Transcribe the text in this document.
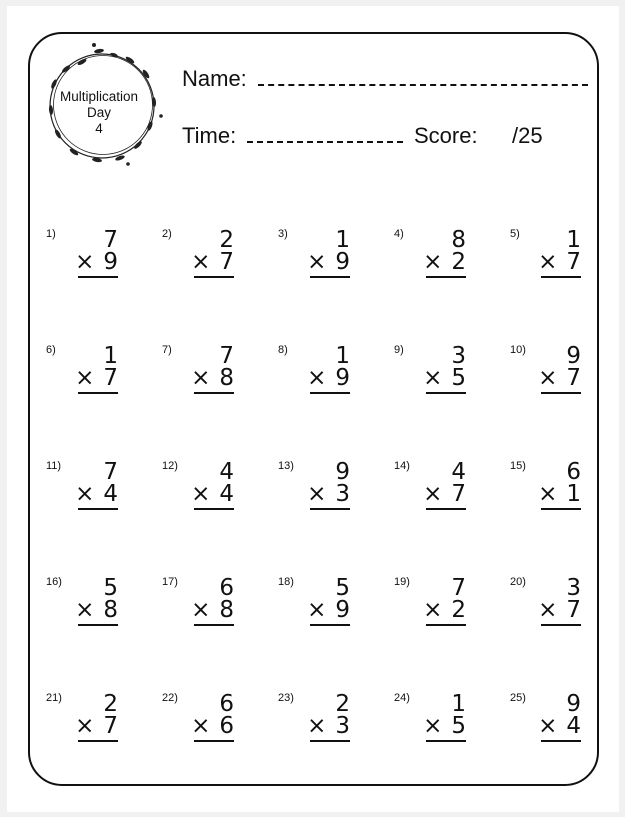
Multiplication
Day
4
Name:
Time:	Score: /25
1) 7
× 9
2) 2
× 7
3) 1
× 9
4) 8
× 2
5) 1
× 7
6) 1
× 7
7) 7
× 8
8) 1
× 9
9) 3
× 5
10) 9
× 7
11) 7
× 4
12) 4
× 4
13) 9
× 3
14) 4
× 7
15) 6
× 1
16) 5
× 8
17) 6
× 8
18) 5
× 9
19) 7
× 2
20) 3
× 7
21) 2
× 7
22) 6
× 6
23) 2
× 3
24) 1
× 5
25) 9
× 4
